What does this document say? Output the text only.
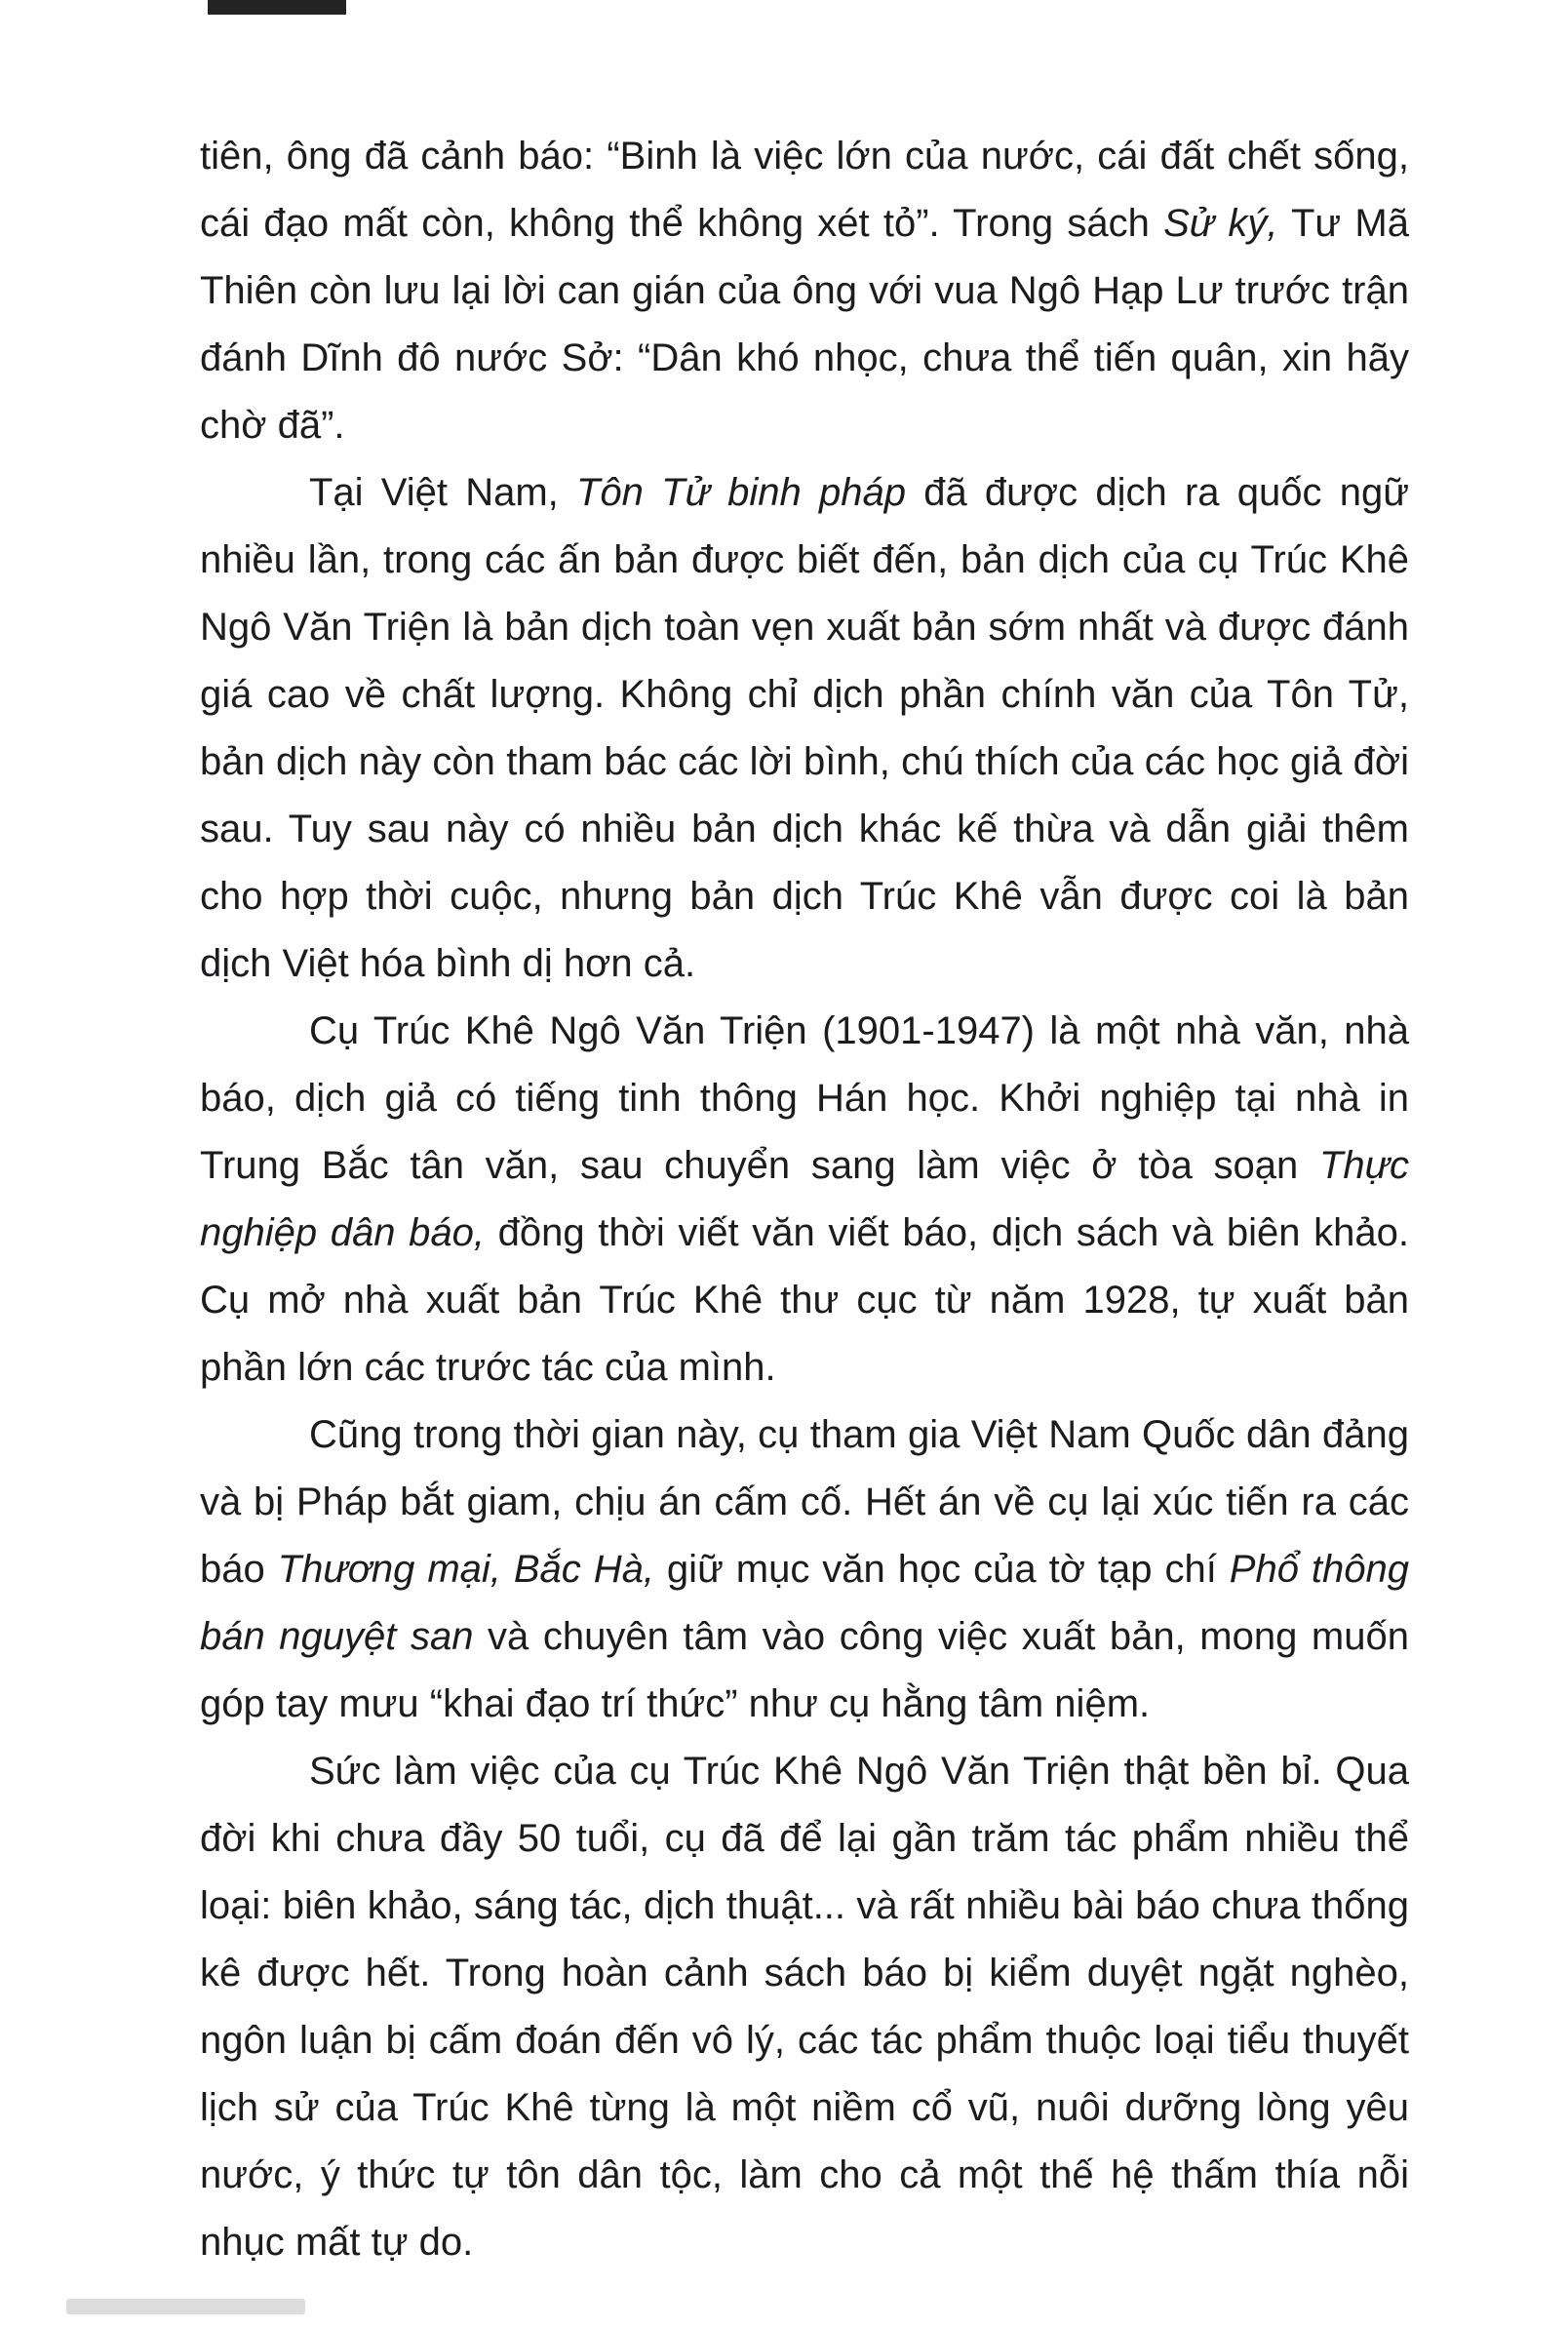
tiên, ông đã cảnh báo: “Binh là việc lớn của nước, cái đất chết sống, cái đạo mất còn, không thể không xét tỏ”. Trong sách Sử ký, Tư Mã Thiên còn lưu lại lời can gián của ông với vua Ngô Hạp Lư trước trận đánh Dĩnh đô nước Sở: “Dân khó nhọc, chưa thể tiến quân, xin hãy chờ đã”.

Tại Việt Nam, Tôn Tử binh pháp đã được dịch ra quốc ngữ nhiều lần, trong các ấn bản được biết đến, bản dịch của cụ Trúc Khê Ngô Văn Triện là bản dịch toàn vẹn xuất bản sớm nhất và được đánh giá cao về chất lượng. Không chỉ dịch phần chính văn của Tôn Tử, bản dịch này còn tham bác các lời bình, chú thích của các học giả đời sau. Tuy sau này có nhiều bản dịch khác kế thừa và dẫn giải thêm cho hợp thời cuộc, nhưng bản dịch Trúc Khê vẫn được coi là bản dịch Việt hóa bình dị hơn cả.

Cụ Trúc Khê Ngô Văn Triện (1901-1947) là một nhà văn, nhà báo, dịch giả có tiếng tinh thông Hán học. Khởi nghiệp tại nhà in Trung Bắc tân văn, sau chuyển sang làm việc ở tòa soạn Thực nghiệp dân báo, đồng thời viết văn viết báo, dịch sách và biên khảo. Cụ mở nhà xuất bản Trúc Khê thư cục từ năm 1928, tự xuất bản phần lớn các trước tác của mình.

Cũng trong thời gian này, cụ tham gia Việt Nam Quốc dân đảng và bị Pháp bắt giam, chịu án cấm cố. Hết án về cụ lại xúc tiến ra các báo Thương mại, Bắc Hà, giữ mục văn học của tờ tạp chí Phổ thông bán nguyệt san và chuyên tâm vào công việc xuất bản, mong muốn góp tay mưu “khai đạo trí thức” như cụ hằng tâm niệm.

Sức làm việc của cụ Trúc Khê Ngô Văn Triện thật bền bỉ. Qua đời khi chưa đầy 50 tuổi, cụ đã để lại gần trăm tác phẩm nhiều thể loại: biên khảo, sáng tác, dịch thuật... và rất nhiều bài báo chưa thống kê được hết. Trong hoàn cảnh sách báo bị kiểm duyệt ngặt nghèo, ngôn luận bị cấm đoán đến vô lý, các tác phẩm thuộc loại tiểu thuyết lịch sử của Trúc Khê từng là một niềm cổ vũ, nuôi dưỡng lòng yêu nước, ý thức tự tôn dân tộc, làm cho cả một thế hệ thấm thía nỗi nhục mất tự do.
